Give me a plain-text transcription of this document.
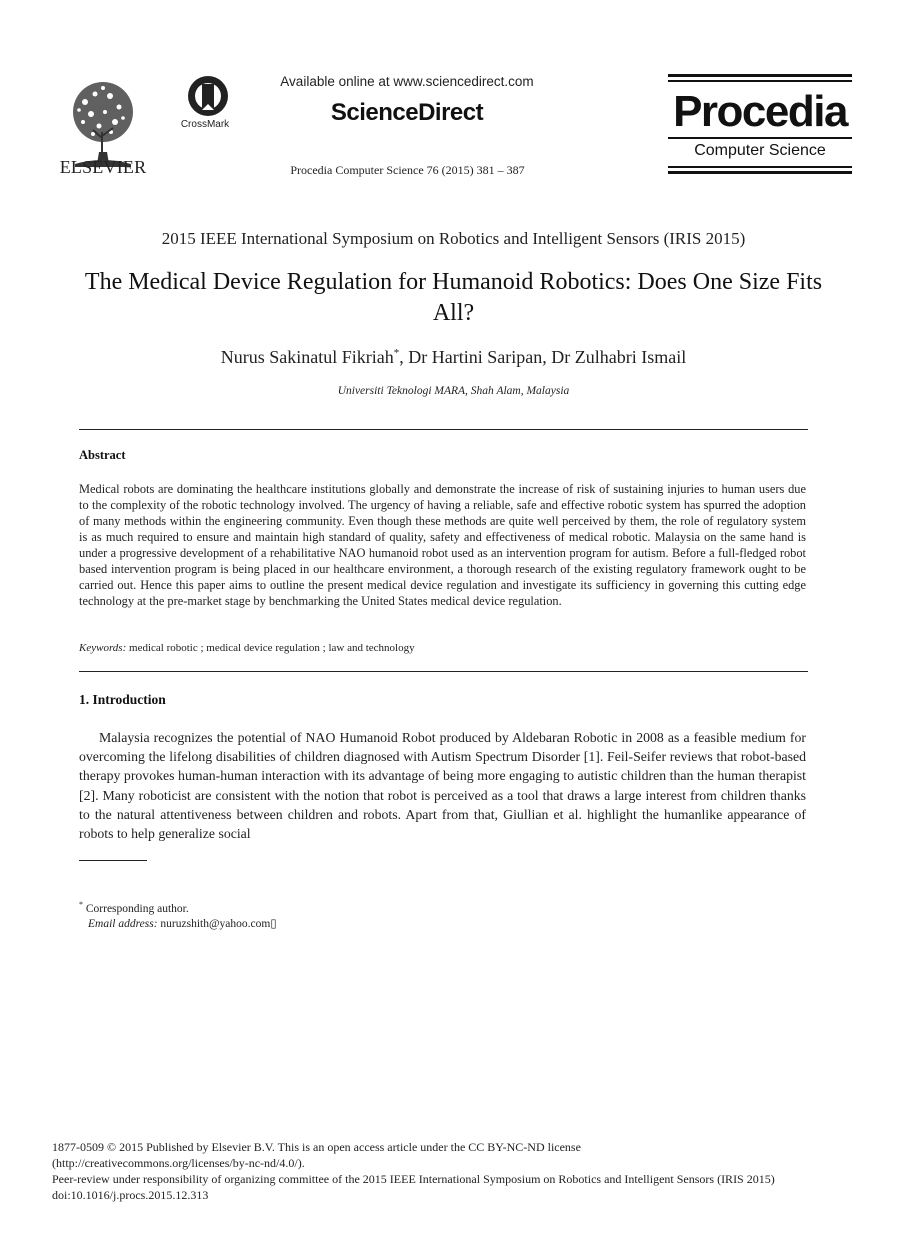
ELSEVIER
CrossMark
Available online at www.sciencedirect.com
ScienceDirect
Procedia Computer Science 76 (2015) 381 – 387
Procedia
Computer Science
2015 IEEE International Symposium on Robotics and Intelligent Sensors (IRIS 2015)
The Medical Device Regulation for Humanoid Robotics: Does One Size Fits All?
Nurus Sakinatul Fikriah*, Dr Hartini Saripan, Dr Zulhabri Ismail
Universiti Teknologi MARA, Shah Alam, Malaysia
Abstract
Medical robots are dominating the healthcare institutions globally and demonstrate the increase of risk of sustaining injuries to human users due to the complexity of the robotic technology involved. The urgency of having a reliable, safe and effective robotic system has spurred the adoption of many methods within the engineering community. Even though these methods are quite well perceived by them, the role of regulatory system is as much required to ensure and maintain high standard of quality, safety and effectiveness of medical robotic. Malaysia on the same hand is under a progressive development of a rehabilitative NAO humanoid robot used as an intervention program for autism. Before a full-fledged robot based intervention program is being placed in our healthcare environment, a thorough research of the existing regulatory framework ought to be carried out. Hence this paper aims to outline the present medical device regulation and investigate its sufficiency in governing this cutting edge technology at the pre-market stage by benchmarking the United States medical device regulation.
Keywords: medical robotic ; medical device regulation ; law and technology
1. Introduction
Malaysia recognizes the potential of NAO Humanoid Robot produced by Aldebaran Robotic in 2008 as a feasible medium for overcoming the lifelong disabilities of children diagnosed with Autism Spectrum Disorder [1]. Feil-Seifer reviews that robot-based therapy provokes human-human interaction with its advantage of being more engaging to autistic children than the human therapist [2]. Many roboticist are consistent with the notion that robot is perceived as a tool that draws a large interest from children thanks to the natural attentiveness between children and robots. Apart from that, Giullian et al. highlight the humanlike appearance of robots to help generalize social
* Corresponding author.
Email address: nuruzshith@yahoo.com▯
1877-0509 © 2015 Published by Elsevier B.V. This is an open access article under the CC BY-NC-ND license
(http://creativecommons.org/licenses/by-nc-nd/4.0/).
Peer-review under responsibility of organizing committee of the 2015 IEEE International Symposium on Robotics and Intelligent Sensors (IRIS 2015)
doi:10.1016/j.procs.2015.12.313
